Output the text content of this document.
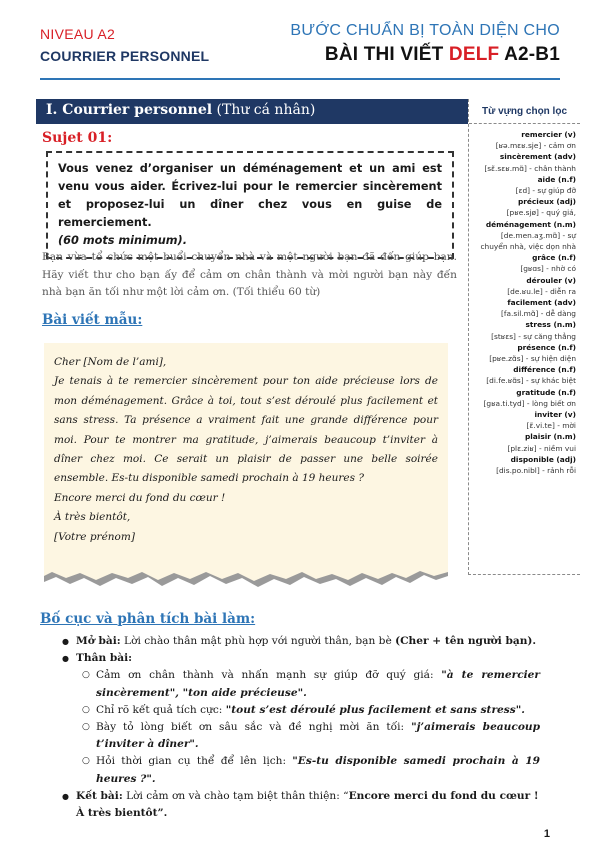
NIVEAU A2
COURRIER PERSONNEL
BƯỚC CHUẨN BỊ TOÀN DIỆN CHO
BÀI THI VIẾT DELF A2-B1
I. Courrier personnel (Thư cá nhân)	Từ vựng chọn lọc
remercier (v)
[ʁə.mɛʁ.sje] - cảm ơn
sincèrement (adv)
[sɛ̃.sɛʁ.mɑ̃] - chân thành
aide (n.f)
[ɛd] - sự giúp đỡ
précieux (adj)
[pʁe.sjø] - quý giá,
déménagement (n.m)
[de.men.aʒ.mɑ̃] - sự chuyển nhà, việc dọn nhà
grâce (n.f)
[ɡʁɑs] - nhờ có
dérouler (v)
[de.ʁu.le] - diễn ra
facilement (adv)
[fa.sil.mɑ̃] - dễ dàng
stress (n.m)
[stʁɛs] - sự căng thẳng
présence (n.f)
[pʁe.zɑ̃s] - sự hiện diện
différence (n.f)
[di.fe.ʁɑ̃s] - sự khác biệt
gratitude (n.f)
[ɡʁa.ti.tyd] - lòng biết ơn
inviter (v)
[ɛ̃.vi.te] - mời
plaisir (n.m)
[plɛ.ziʁ] - niềm vui
disponible (adj)
[dis.po.nibl] - rảnh rỗi
Sujet 01:
Vous venez d’organiser un déménagement et un ami est venu vous aider. Écrivez-lui pour le remercier sincèrement et proposez-lui un dîner chez vous en guise de remerciement.
(60 mots minimum).
Bạn vừa tổ chức một buổi chuyển nhà và một người bạn đã đến giúp bạn. Hãy viết thư cho bạn ấy để cảm ơn chân thành và mời người bạn này đến nhà bạn ăn tối như một lời cảm ơn. (Tối thiểu 60 từ)
Bài viết mẫu:

Cher [Nom de l’ami],

Je tenais à te remercier sincèrement pour ton aide précieuse lors de mon déménagement. Grâce à toi, tout s’est déroulé plus facilement et sans stress. Ta présence a vraiment fait une grande différence pour moi. Pour te montrer ma gratitude, j’aimerais beaucoup t’inviter à dîner chez moi. Ce serait un plaisir de passer une belle soirée ensemble. Es-tu disponible samedi prochain à 19 heures ?

Encore merci du fond du cœur !

À très bientôt,

[Votre prénom]

Bố cục và phân tích bài làm:
● Mở bài: Lời chào thân mật phù hợp với người thân, bạn bè (Cher + tên người bạn).
● Thân bài:
○ Cảm ơn chân thành và nhấn mạnh sự giúp đỡ quý giá: "à te remercier sincèrement", "ton aide précieuse".
○ Chỉ rõ kết quả tích cực: "tout s’est déroulé plus facilement et sans stress".
○ Bày tỏ lòng biết ơn sâu sắc và đề nghị mời ăn tối: "j’aimerais beaucoup t’inviter à dîner".
○ Hỏi thời gian cụ thể để lên lịch: "Es-tu disponible samedi prochain à 19 heures ?".
● Kết bài: Lời cảm ơn và chào tạm biệt thân thiện: “Encore merci du fond du cœur ! À très bientôt”.
1
